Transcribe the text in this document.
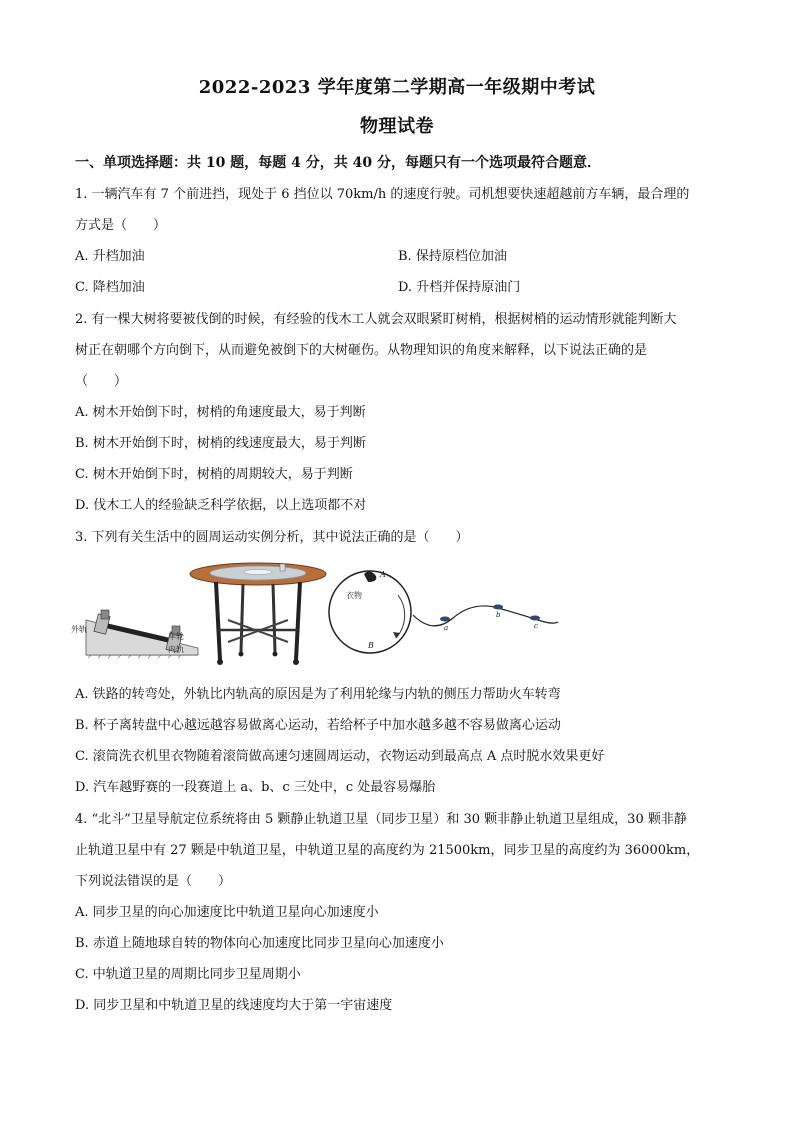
2022-2023 学年度第二学期高一年级期中考试
物理试卷
一、单项选择题：共 10 题，每题 4 分，共 40 分，每题只有一个选项最符合题意．
1. 一辆汽车有 7 个前进挡，现处于 6 挡位以 70km/h 的速度行驶。司机想要快速超越前方车辆，最合理的
方式是（　　）
A. 升档加油	B. 保持原档位加油
C. 降档加油	D. 升档并保持原油门
2. 有一棵大树将要被伐倒的时候，有经验的伐木工人就会双眼紧盯树梢，根据树梢的运动情形就能判断大
树正在朝哪个方向倒下，从而避免被倒下的大树砸伤。从物理知识的角度来解释，以下说法正确的是
（　　）
A. 树木开始倒下时，树梢的角速度最大，易于判断
B. 树木开始倒下时，树梢的线速度最大，易于判断
C. 树木开始倒下时，树梢的周期较大，易于判断
D. 伐木工人的经验缺乏科学依据，以上选项都不对
3. 下列有关生活中的圆周运动实例分析，其中说法正确的是（　　）
外轨
车轮
内轨
A
衣物
B
a
b
c
A. 铁路的转弯处，外轨比内轨高的原因是为了利用轮缘与内轨的侧压力帮助火车转弯
B. 杯子离转盘中心越远越容易做离心运动，若给杯子中加水越多越不容易做离心运动
C. 滚筒洗衣机里衣物随着滚筒做高速匀速圆周运动，衣物运动到最高点 A 点时脱水效果更好
D. 汽车越野赛的一段赛道上 a、b、c 三处中，c 处最容易爆胎
4. “北斗”卫星导航定位系统将由 5 颗静止轨道卫星（同步卫星）和 30 颗非静止轨道卫星组成，30 颗非静
止轨道卫星中有 27 颗是中轨道卫星，中轨道卫星的高度约为 21500km，同步卫星的高度约为 36000km，
下列说法错误的是（　　）
A. 同步卫星的向心加速度比中轨道卫星向心加速度小
B. 赤道上随地球自转的物体向心加速度比同步卫星向心加速度小
C. 中轨道卫星的周期比同步卫星周期小
D. 同步卫星和中轨道卫星的线速度均大于第一宇宙速度
